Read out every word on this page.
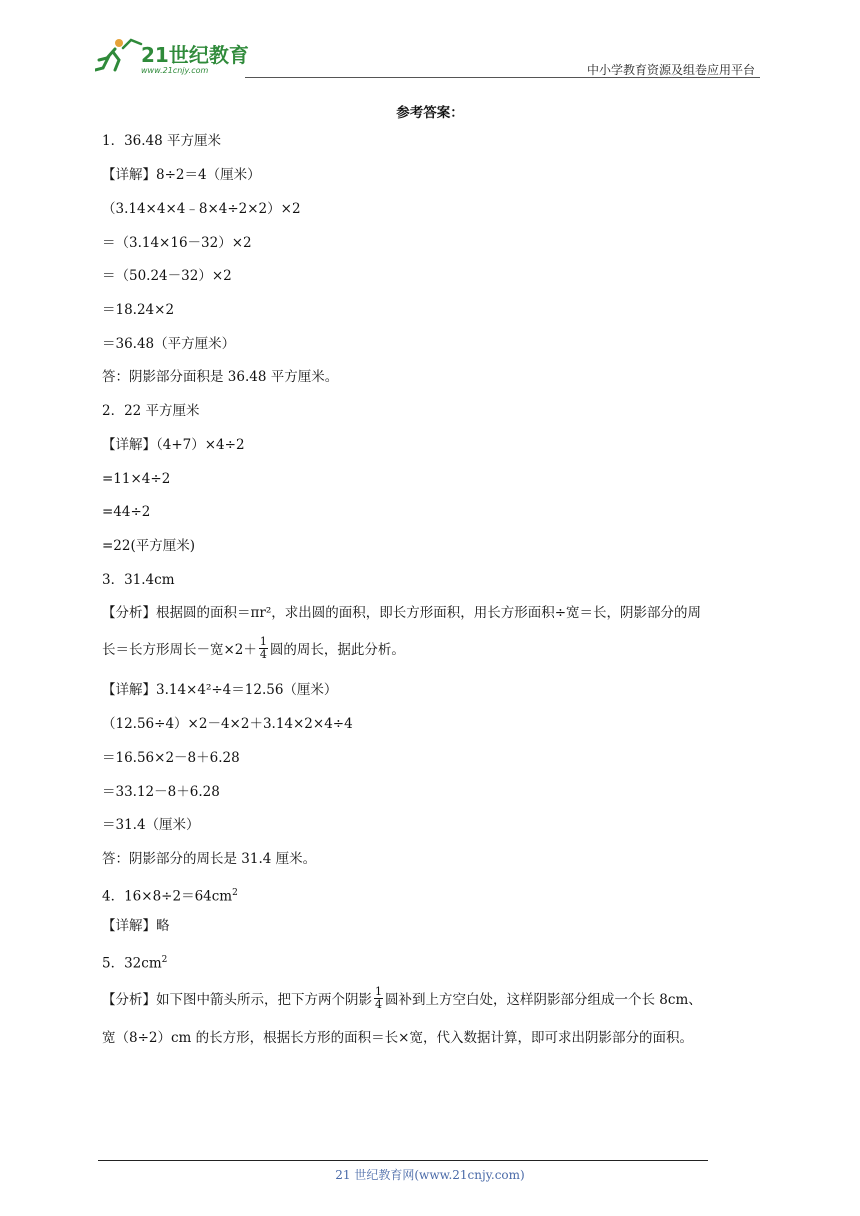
21世纪教育
www.21cnjy.com	中小学教育资源及组卷应用平台
参考答案：
1．36.48 平方厘米
【详解】8÷2＝4（厘米）
（3.14×4×4﹣8×4÷2×2）×2
＝（3.14×16－32）×2
＝（50.24－32）×2
＝18.24×2
＝36.48（平方厘米）
答：阴影部分面积是 36.48 平方厘米。
2．22 平方厘米
【详解】（4+7）×4÷2
=11×4÷2
=44÷2
=22(平方厘米)
3．31.4cm
【分析】根据圆的面积＝πr²，求出圆的面积，即长方形面积，用长方形面积÷宽＝长，阴影部分的周
长＝长方形周长－宽$\times 2+ \frac{1}{4}$ 圆的周长，据此分析。
【详解】3.14×4²÷4＝12.56（厘米）
（12.56÷4）×2－4×2＋3.14×2×4÷4
＝16.56×2－8＋6.28
＝33.12－8＋6.28
＝31.4（厘米）
答：阴影部分的周长是 31.4 厘米。
4．$16\times 8\div 2=64cm^2$
【详解】略
5．$32cm^2$
【分析】如下图中箭头所示，把下方两个阴影 $\frac{1}{4}$ 圆补到上方空白处，这样阴影部分组成一个长 8cm、
宽（8÷2）cm 的长方形，根据长方形的面积＝长×宽，代入数据计算，即可求出阴影部分的面积。
21 世纪教育网(www.21cnjy.com)
